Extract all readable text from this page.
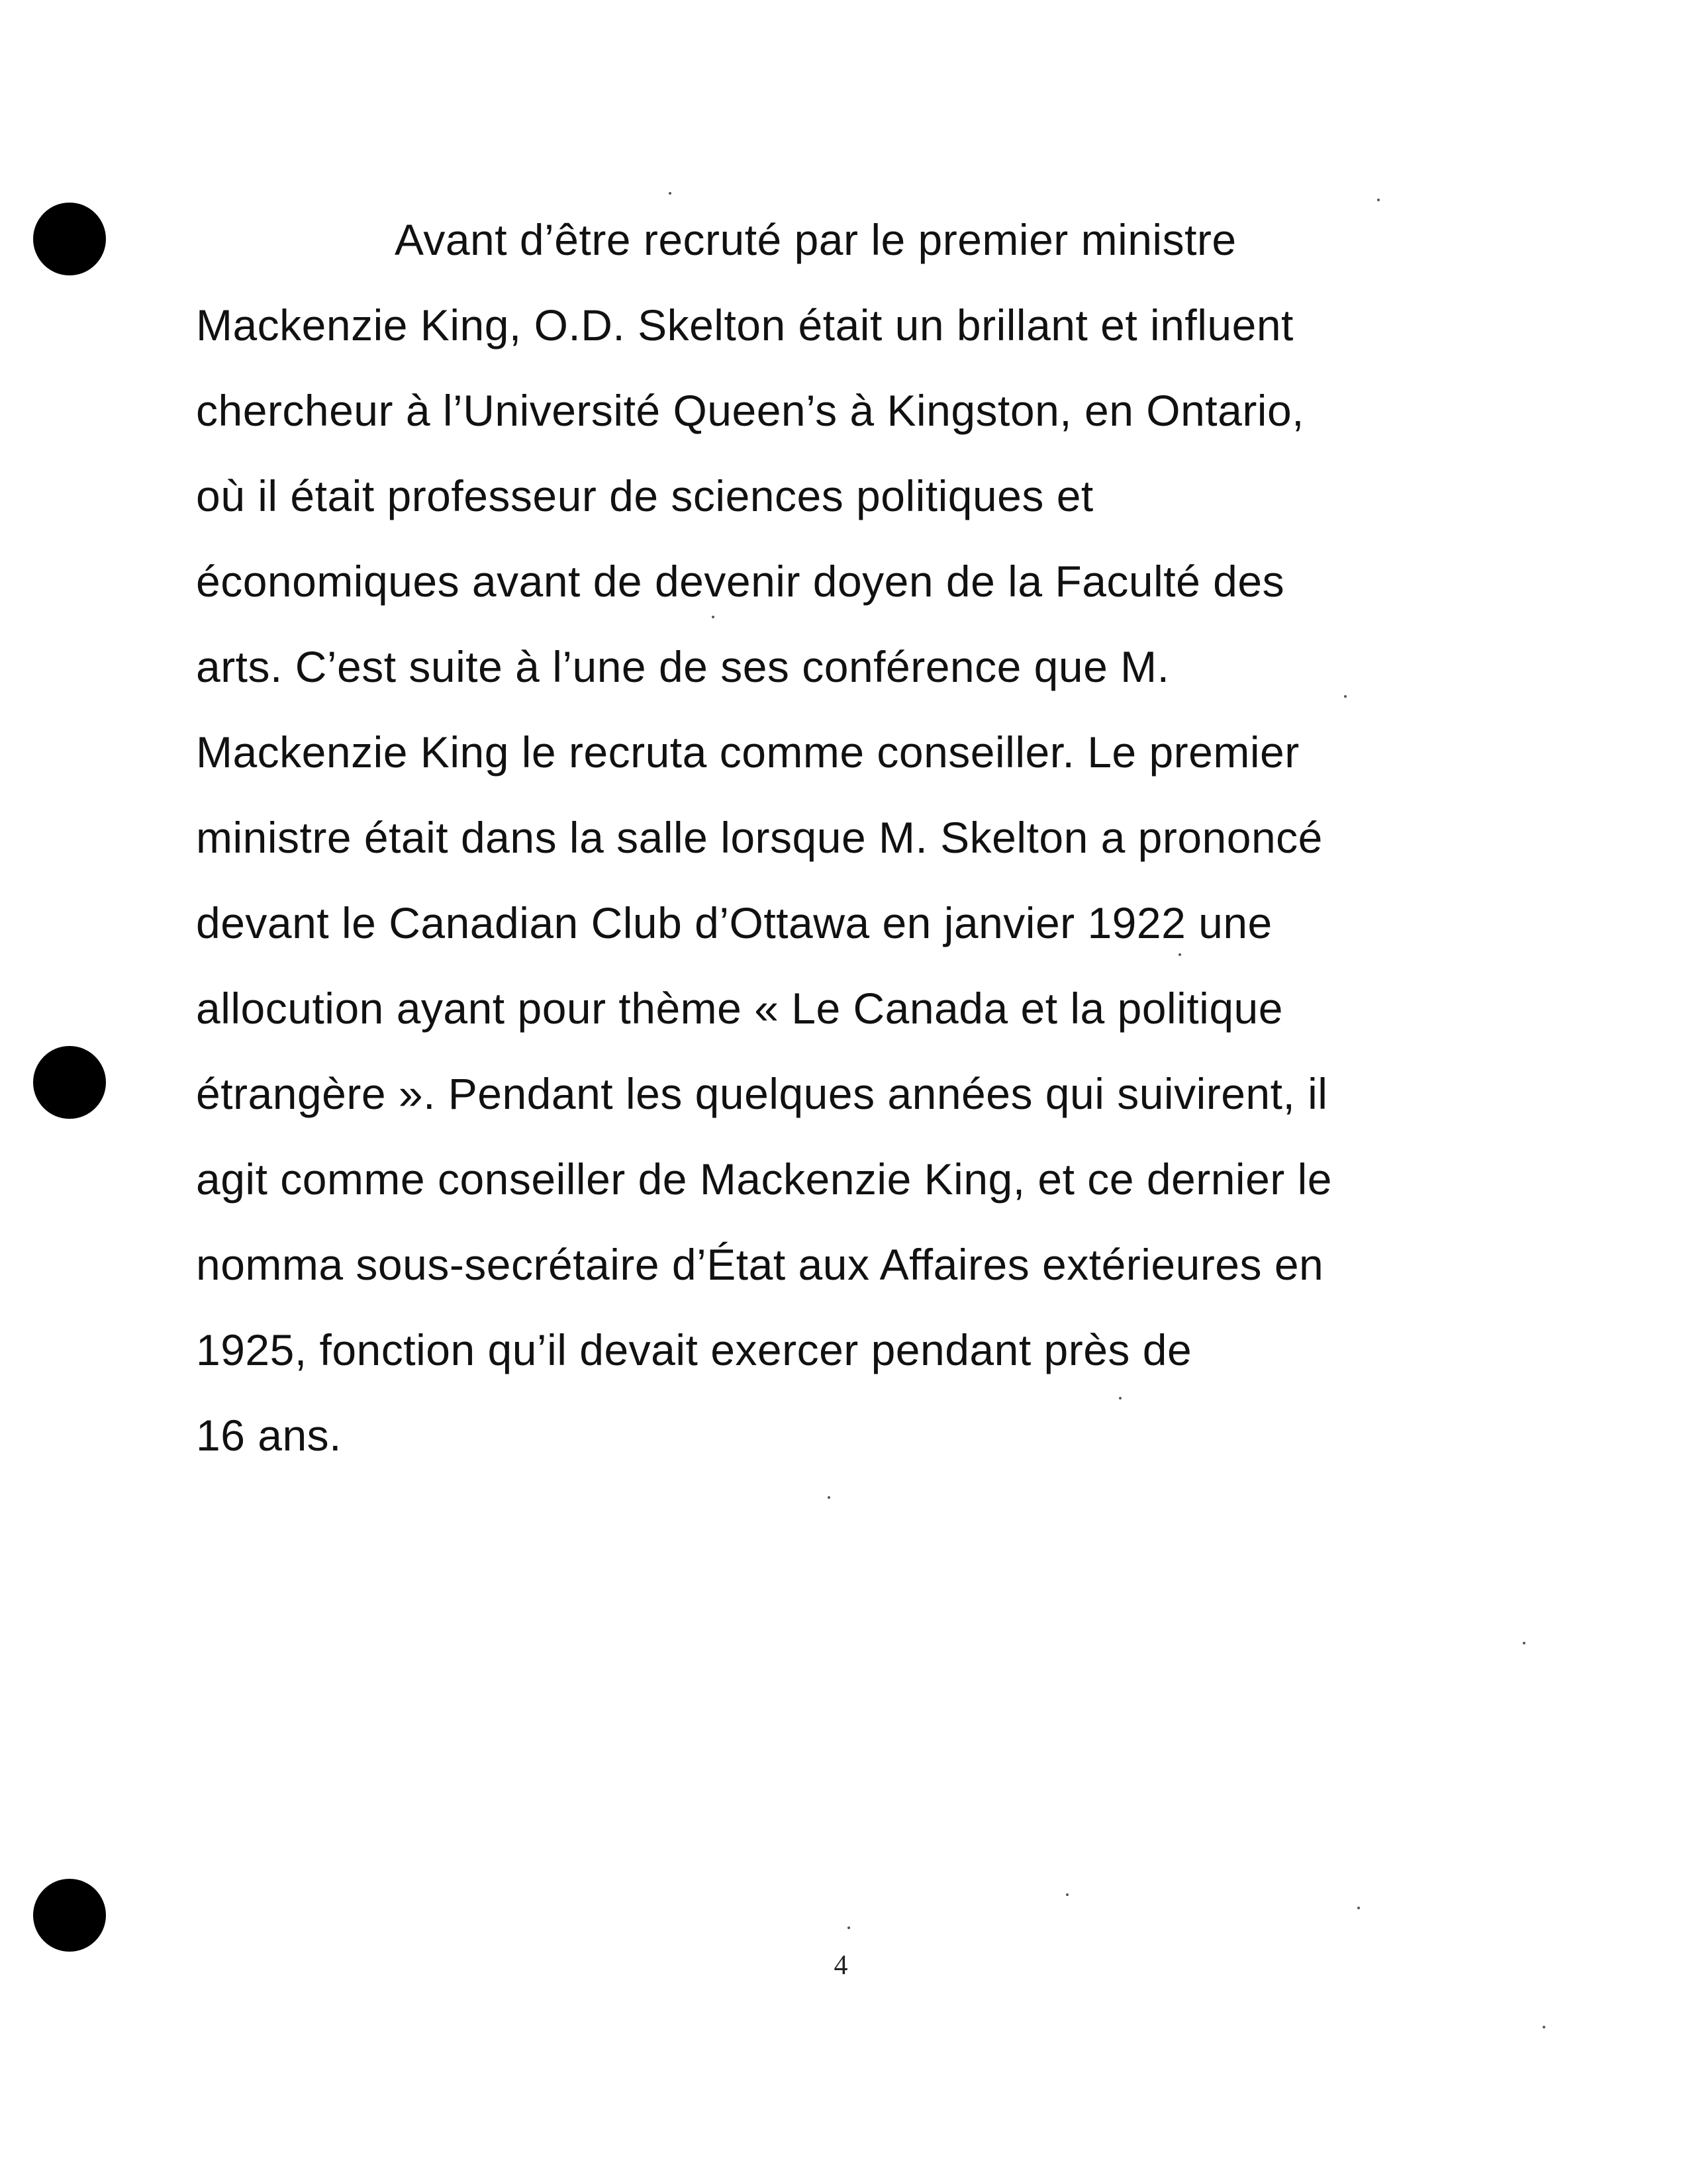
Avant d’être recruté par le premier ministre
Mackenzie King, O.D. Skelton était un brillant et influent
chercheur à l’Université Queen’s à Kingston, en Ontario,
où il était professeur de sciences politiques et
économiques avant de devenir doyen de la Faculté des
arts. C’est suite à l’une de ses conférence que M.
Mackenzie King le recruta comme conseiller. Le premier
ministre était dans la salle lorsque M. Skelton a prononcé
devant le Canadian Club d’Ottawa en janvier 1922 une
allocution ayant pour thème « Le Canada et la politique
étrangère ». Pendant les quelques années qui suivirent, il
agit comme conseiller de Mackenzie King, et ce dernier le
nomma sous-secrétaire d’État aux Affaires extérieures en
1925, fonction qu’il devait exercer pendant près de
16 ans.
4
